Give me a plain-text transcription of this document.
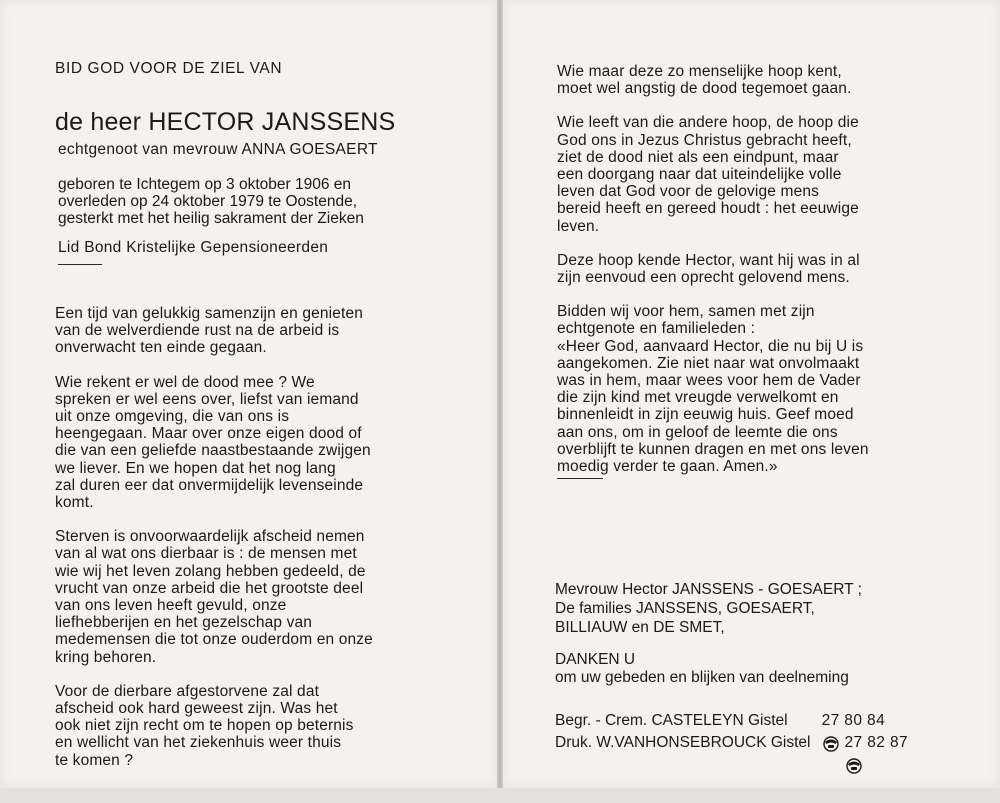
BID GOD VOOR DE ZIEL VAN
de heer HECTOR JANSSENS
echtgenoot van mevrouw ANNA GOESAERT
geboren te Ichtegem op 3 oktober 1906 en
overleden op 24 oktober 1979 te Oostende,
gesterkt met het heilig sakrament der Zieken
Lid Bond Kristelijke Gepensioneerden
Een tijd van gelukkig samenzijn en genieten
van de welverdiende rust na de arbeid is
onverwacht ten einde gegaan.
Wie rekent er wel de dood mee ? We
spreken er wel eens over, liefst van iemand
uit onze omgeving, die van ons is
heengegaan. Maar over onze eigen dood of
die van een geliefde naastbestaande zwijgen
we liever. En we hopen dat het nog lang
zal duren eer dat onvermijdelijk levenseinde
komt.
Sterven is onvoorwaardelijk afscheid nemen
van al wat ons dierbaar is : de mensen met
wie wij het leven zolang hebben gedeeld, de
vrucht van onze arbeid die het grootste deel
van ons leven heeft gevuld, onze
liefhebberijen en het gezelschap van
medemensen die tot onze ouderdom en onze
kring behoren.
Voor de dierbare afgestorvene zal dat
afscheid ook hard geweest zijn. Was het
ook niet zijn recht om te hopen op beternis
en wellicht van het ziekenhuis weer thuis
te komen ?
Wie maar deze zo menselijke hoop kent,
moet wel angstig de dood tegemoet gaan.
Wie leeft van die andere hoop, de hoop die
God ons in Jezus Christus gebracht heeft,
ziet de dood niet als een eindpunt, maar
een doorgang naar dat uiteindelijke volle
leven dat God voor de gelovige mens
bereid heeft en gereed houdt : het eeuwige
leven.
Deze hoop kende Hector, want hij was in al
zijn eenvoud een oprecht gelovend mens.
Bidden wij voor hem, samen met zijn
echtgenote en familieleden :
«Heer God, aanvaard Hector, die nu bij U is
aangekomen. Zie niet naar wat onvolmaakt
was in hem, maar wees voor hem de Vader
die zijn kind met vreugde verwelkomt en
binnenleidt in zijn eeuwig huis. Geef moed
aan ons, om in geloof de leemte die ons
overblijft te kunnen dragen en met ons leven
moedig verder te gaan. Amen.»
Mevrouw Hector JANSSENS - GOESAERT ;
De families JANSSENS, GOESAERT,
BILLIAUW en DE SMET,
DANKEN U
om uw gebeden en blijken van deelneming
Begr. - Crem. CASTELEYN Gistel

27 80 84
Druk. W.VANHONSEBROUCK Gistel

27 82 87
